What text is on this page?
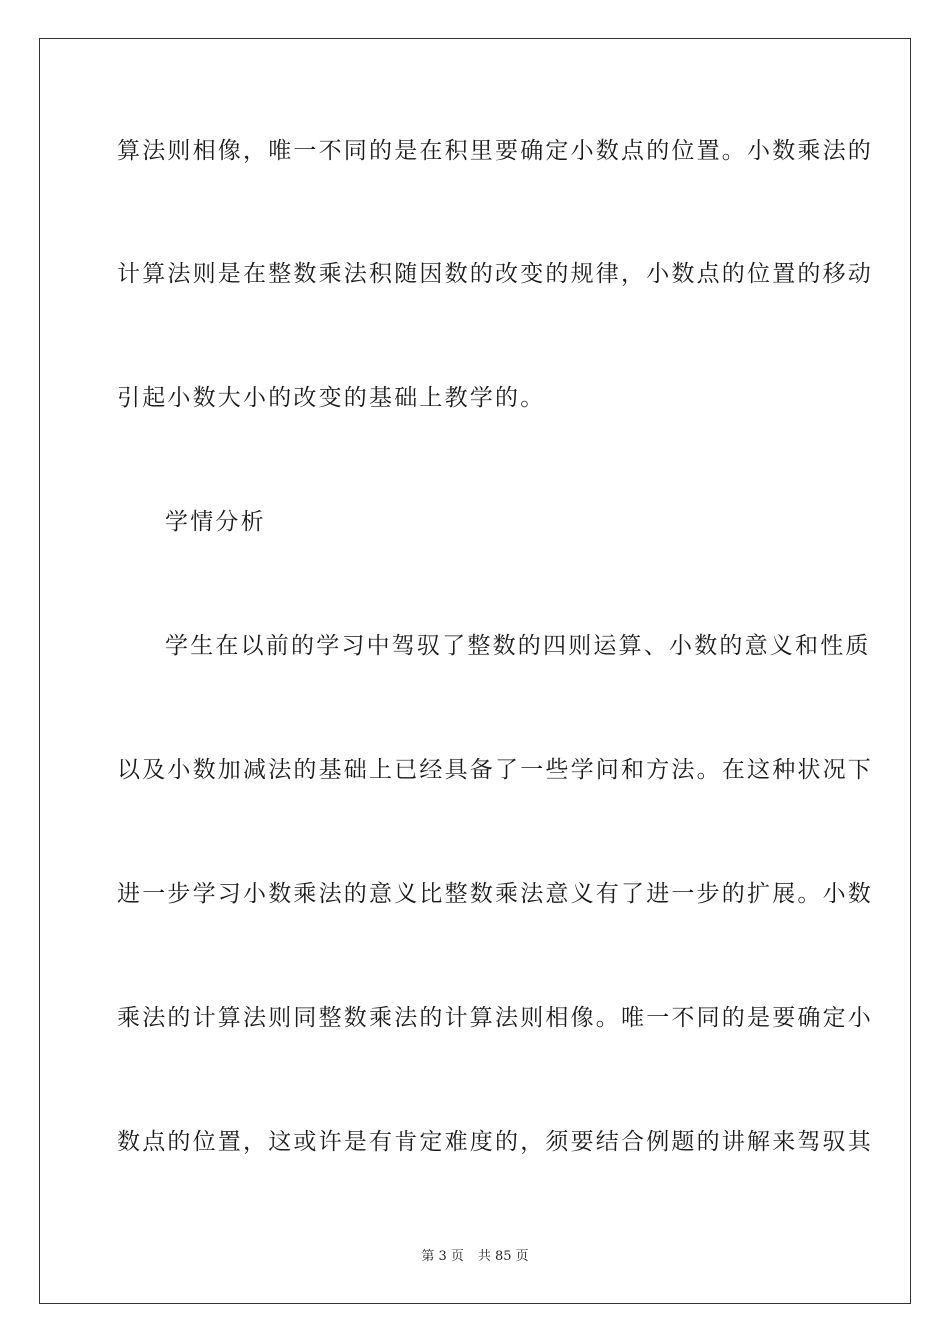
算法则相像，唯一不同的是在积里要确定小数点的位置。小数乘法的
计算法则是在整数乘法积随因数的改变的规律，小数点的位置的移动
引起小数大小的改变的基础上教学的。
学情分析
学生在以前的学习中驾驭了整数的四则运算、小数的意义和性质
以及小数加减法的基础上已经具备了一些学问和方法。在这种状况下
进一步学习小数乘法的意义比整数乘法意义有了进一步的扩展。小数
乘法的计算法则同整数乘法的计算法则相像。唯一不同的是要确定小
数点的位置，这或许是有肯定难度的，须要结合例题的讲解来驾驭其
第 3 页 共 85 页
